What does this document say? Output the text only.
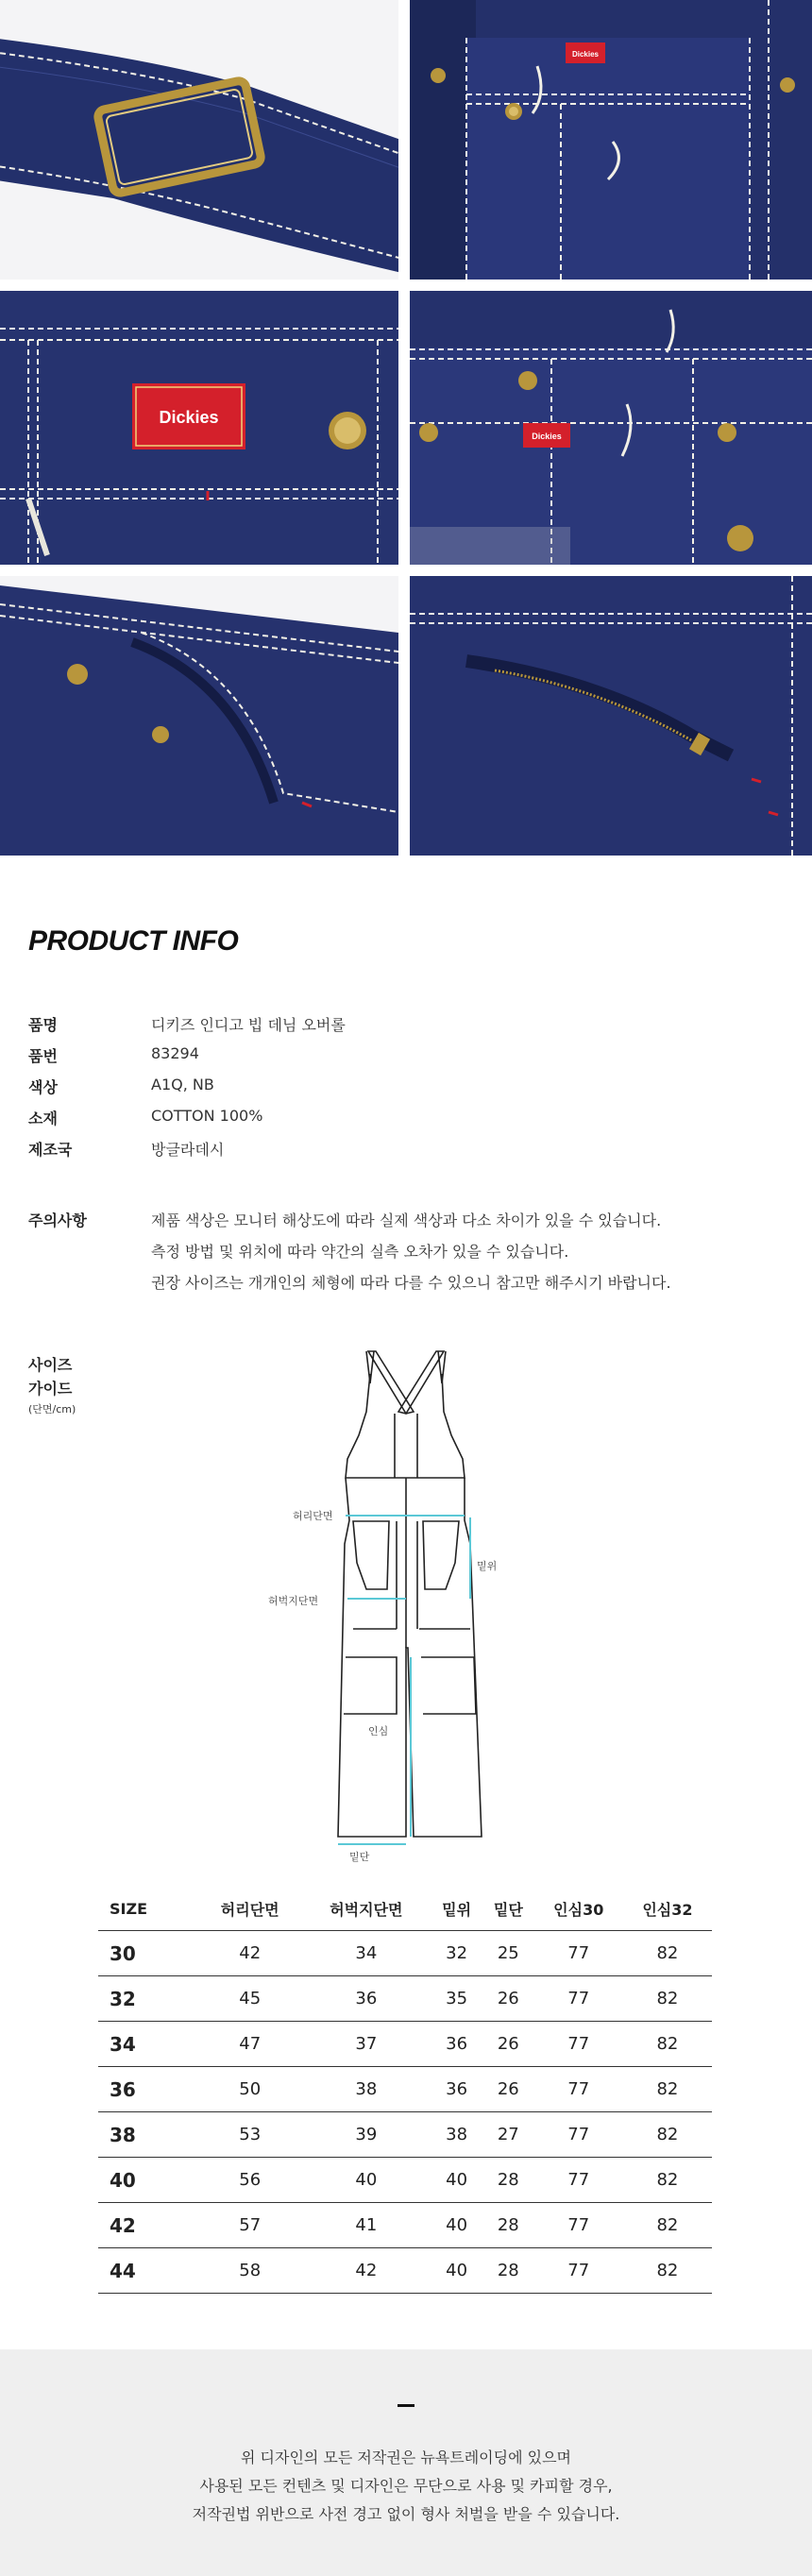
Dickies
Dickies
Dickies
PRODUCT INFO
품명	디키즈 인디고 빕 데님 오버롤
품번	83294
색상	A1Q, NB
소재	COTTON 100%
제조국	방글라데시
주의사항	제품 색상은 모니터 해상도에 따라 실제 색상과 다소 차이가 있을 수 있습니다.
측정 방법 및 위치에 따라 약간의 실측 오차가 있을 수 있습니다.
권장 사이즈는 개개인의 체형에 따라 다를 수 있으니 참고만 해주시기 바랍니다.
사이즈
가이드
(단면/cm)
허리단면
허벅지단면
밑위
인심
밑단
SIZE	허리단면	허벅지단면	밑위	밑단	인심30	인심32
30	42	34	32	25	77	82
32	45	36	35	26	77	82
34	47	37	36	26	77	82
36	50	38	36	26	77	82
38	53	39	38	27	77	82
40	56	40	40	28	77	82
42	57	41	40	28	77	82
44	58	42	40	28	77	82
위 디자인의 모든 저작권은 뉴욕트레이딩에 있으며
사용된 모든 컨텐츠 및 디자인은 무단으로 사용 및 카피할 경우,
저작권법 위반으로 사전 경고 없이 형사 처벌을 받을 수 있습니다.
